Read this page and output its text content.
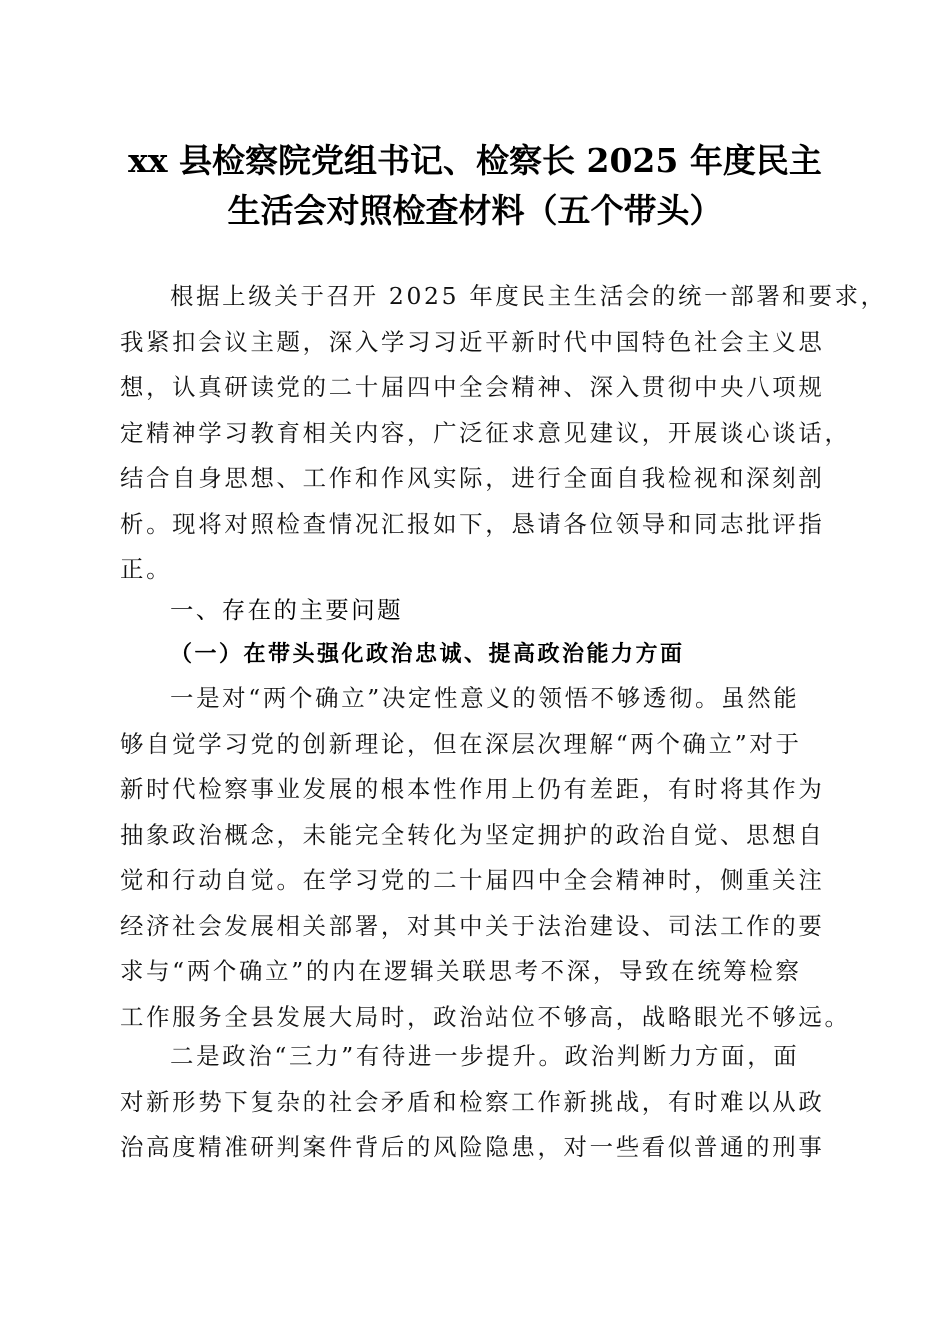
xx 县检察院党组书记、检察长 2025 年度民主
生活会对照检查材料（五个带头）
根据上级关于召开 2025 年度民主生活会的统一部署和要求，
我紧扣会议主题，深入学习习近平新时代中国特色社会主义思
想，认真研读党的二十届四中全会精神、深入贯彻中央八项规
定精神学习教育相关内容，广泛征求意见建议，开展谈心谈话，
结合自身思想、工作和作风实际，进行全面自我检视和深刻剖
析。现将对照检查情况汇报如下，恳请各位领导和同志批评指
正。
一、存在的主要问题
（一）在带头强化政治忠诚、提高政治能力方面
一是对“两个确立”决定性意义的领悟不够透彻。虽然能
够自觉学习党的创新理论，但在深层次理解“两个确立”对于
新时代检察事业发展的根本性作用上仍有差距，有时将其作为
抽象政治概念，未能完全转化为坚定拥护的政治自觉、思想自
觉和行动自觉。在学习党的二十届四中全会精神时，侧重关注
经济社会发展相关部署，对其中关于法治建设、司法工作的要
求与“两个确立”的内在逻辑关联思考不深，导致在统筹检察
工作服务全县发展大局时，政治站位不够高，战略眼光不够远。
二是政治“三力”有待进一步提升。政治判断力方面，面
对新形势下复杂的社会矛盾和检察工作新挑战，有时难以从政
治高度精准研判案件背后的风险隐患，对一些看似普通的刑事
